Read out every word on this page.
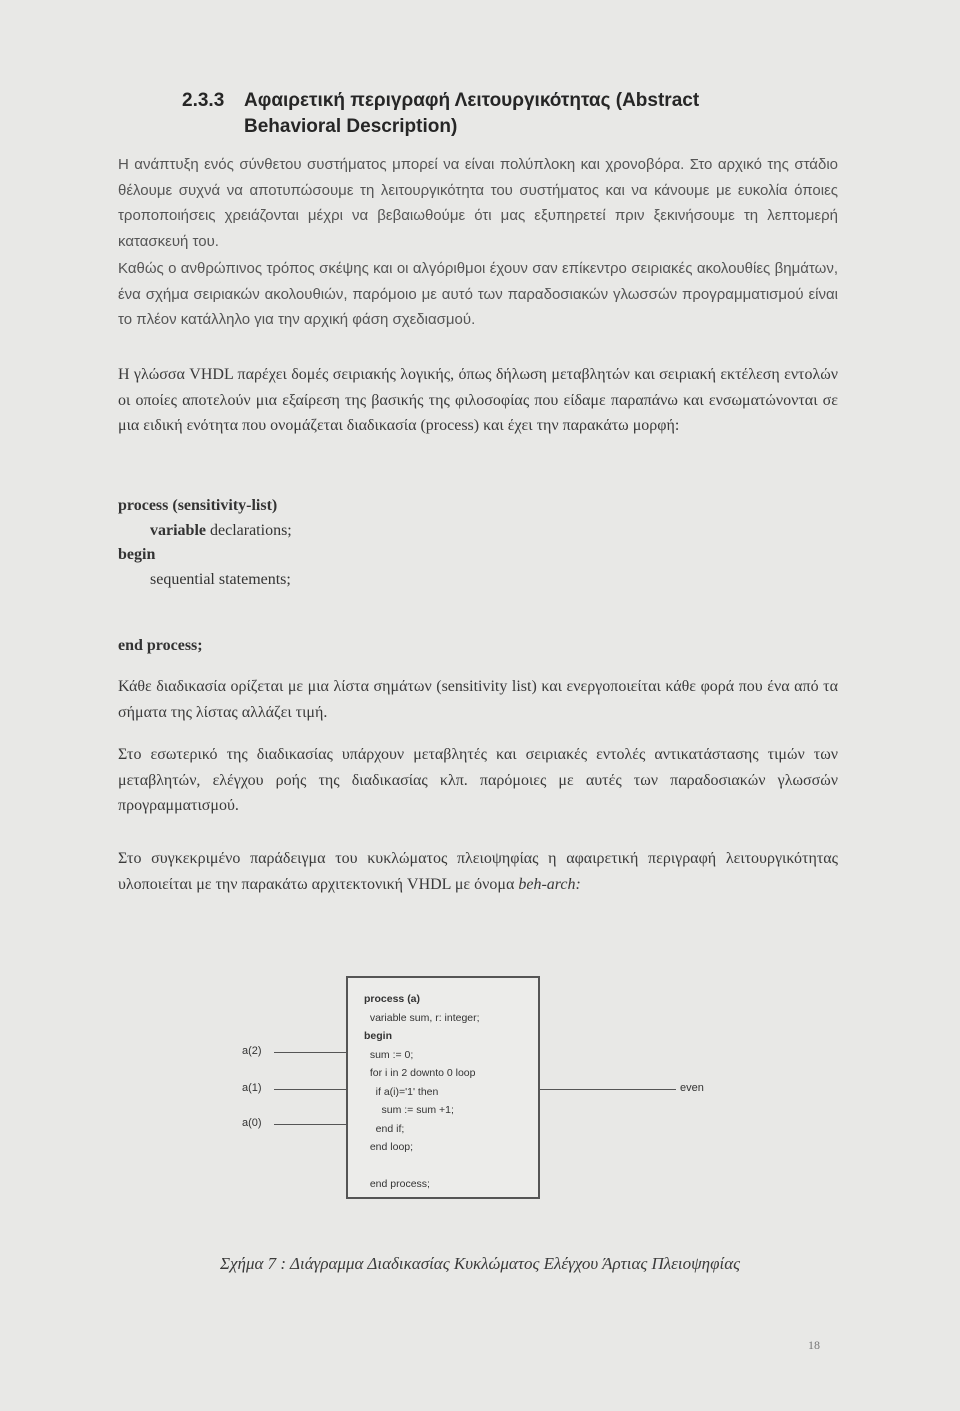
2.3.3 Αφαιρετική περιγραφή Λειτουργικότητας (Abstract
Behavioral Description)

Η ανάπτυξη ενός σύνθετου συστήματος μπορεί να είναι πολύπλοκη και χρονοβόρα. Στο αρχικό της στάδιο θέλουμε συχνά να αποτυπώσουμε τη λειτουργικότητα του συστήματος και να κάνουμε με ευκολία όποιες τροποποιήσεις χρειάζονται μέχρι να βεβαιωθούμε ότι μας εξυπηρετεί πριν ξεκινήσουμε τη λεπτομερή κατασκευή του.

Καθώς ο ανθρώπινος τρόπος σκέψης και οι αλγόριθμοι έχουν σαν επίκεντρο σειριακές ακολουθίες βημάτων, ένα σχήμα σειριακών ακολουθιών, παρόμοιο με αυτό των παραδοσιακών γλωσσών προγραμματισμού είναι το πλέον κατάλληλο για την αρχική φάση σχεδιασμού.

Η γλώσσα VHDL παρέχει δομές σειριακής λογικής, όπως δήλωση μεταβλητών και σειριακή εκτέλεση εντολών οι οποίες αποτελούν μια εξαίρεση της βασικής της φιλοσοφίας που είδαμε παραπάνω και ενσωματώνονται σε μια ειδική ενότητα που ονομάζεται διαδικασία (process) και έχει την παρακάτω μορφή:

process (sensitivity-list)
variable declarations;
begin
sequential statements;
end process;

Κάθε διαδικασία ορίζεται με μια λίστα σημάτων (sensitivity list) και ενεργοποιείται κάθε φορά που ένα από τα σήματα της λίστας αλλάζει τιμή.

Στο εσωτερικό της διαδικασίας υπάρχουν μεταβλητές και σειριακές εντολές αντικατάστασης τιμών των μεταβλητών, ελέγχου ροής της διαδικασίας κλπ. παρόμοιες με αυτές των παραδοσιακών γλωσσών προγραμματισμού.

Στο συγκεκριμένο παράδειγμα του κυκλώματος πλειοψηφίας η αφαιρετική περιγραφή λειτουργικότητας υλοποιείται με την παρακάτω αρχιτεκτονική VHDL με όνομα beh-arch:

a(2)
a(1)
a(0)
process (a)
variable sum, r: integer;
begin
sum := 0;
for i in 2 downto 0 loop
if a(i)='1' then
sum := sum +1;
end if;
end loop;

end process;
even
Σχήμα 7 : Διάγραμμα Διαδικασίας Κυκλώματος Ελέγχου Άρτιας Πλειοψηφίας
18
